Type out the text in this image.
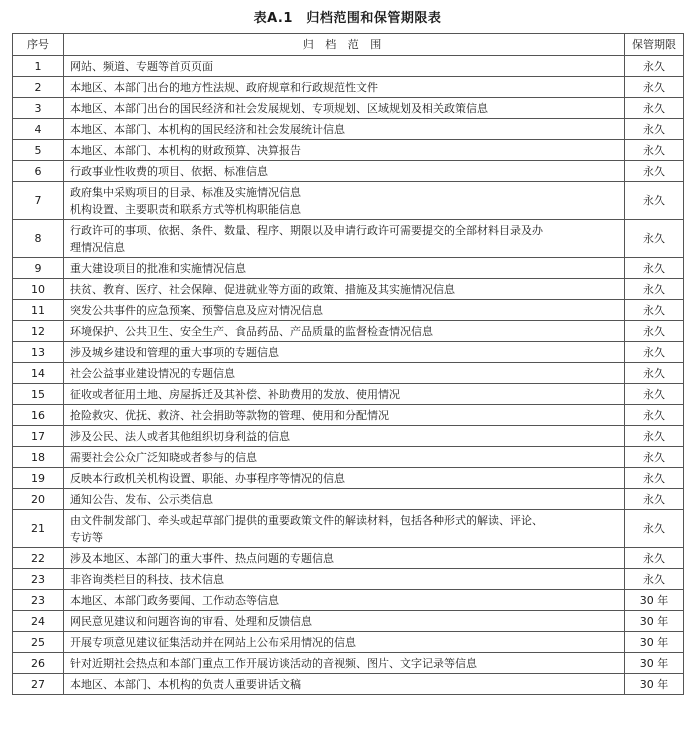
表A.1　归档范围和保管期限表
序号	归 档 范 围	保管期限
1	网站、频道、专题等首页页面	永久
2	本地区、本部门出台的地方性法规、政府规章和行政规范性文件	永久
3	本地区、本部门出台的国民经济和社会发展规划、专项规划、区域规划及相关政策信息	永久
4	本地区、本部门、本机构的国民经济和社会发展统计信息	永久
5	本地区、本部门、本机构的财政预算、决算报告	永久
6	行政事业性收费的项目、依据、标准信息	永久
7	政府集中采购项目的目录、标准及实施情况信息
机构设置、主要职责和联系方式等机构职能信息	永久
8	行政许可的事项、依据、条件、数量、程序、期限以及申请行政许可需要提交的全部材料目录及办
理情况信息	永久
9	重大建设项目的批准和实施情况信息	永久
10	扶贫、教育、医疗、社会保障、促进就业等方面的政策、措施及其实施情况信息	永久
11	突发公共事件的应急预案、预警信息及应对情况信息	永久
12	环境保护、公共卫生、安全生产、食品药品、产品质量的监督检查情况信息	永久
13	涉及城乡建设和管理的重大事项的专题信息	永久
14	社会公益事业建设情况的专题信息	永久
15	征收或者征用土地、房屋拆迁及其补偿、补助费用的发放、使用情况	永久
16	抢险救灾、优抚、救济、社会捐助等款物的管理、使用和分配情况	永久
17	涉及公民、法人或者其他组织切身利益的信息	永久
18	需要社会公众广泛知晓或者参与的信息	永久
19	反映本行政机关机构设置、职能、办事程序等情况的信息	永久
20	通知公告、发布、公示类信息	永久
21	由文件制发部门、牵头或起草部门提供的重要政策文件的解读材料，包括各种形式的解读、评论、
专访等	永久
22	涉及本地区、本部门的重大事件、热点问题的专题信息	永久
23	非咨询类栏目的科技、技术信息	永久
23	本地区、本部门政务要闻、工作动态等信息	30 年
24	网民意见建议和问题咨询的审看、处理和反馈信息	30 年
25	开展专项意见建议征集活动并在网站上公布采用情况的信息	30 年
26	针对近期社会热点和本部门重点工作开展访谈活动的音视频、图片、文字记录等信息	30 年
27	本地区、本部门、本机构的负责人重要讲话文稿	30 年
